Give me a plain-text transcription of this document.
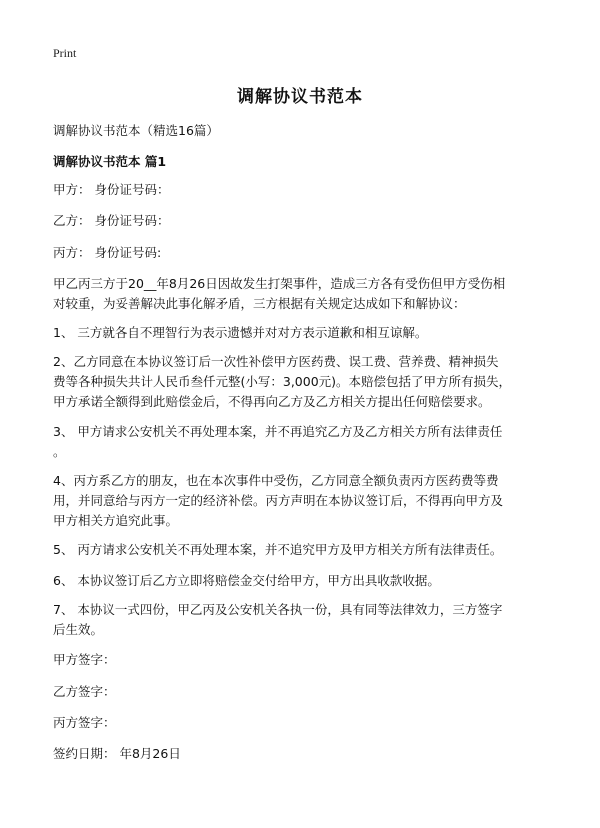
Print
调解协议书范本
调解协议书范本（精选16篇）
调解协议书范本 篇1
甲方： 身份证号码：
乙方： 身份证号码：
丙方： 身份证号码:
甲乙丙三方于20__年8月26日因故发生打架事件，造成三方各有受伤但甲方受伤相
对较重，为妥善解决此事化解矛盾，三方根据有关规定达成如下和解协议：
1、 三方就各自不理智行为表示遗憾并对对方表示道歉和相互谅解。
2、乙方同意在本协议签订后一次性补偿甲方医药费、误工费、营养费、精神损失
费等各种损失共计人民币叁仟元整(小写：3,000元)。本赔偿包括了甲方所有损失，
甲方承诺全额得到此赔偿金后，不得再向乙方及乙方相关方提出任何赔偿要求。
3、 甲方请求公安机关不再处理本案，并不再追究乙方及乙方相关方所有法律责任
。
4、丙方系乙方的朋友，也在本次事件中受伤，乙方同意全额负责丙方医药费等费
用，并同意给与丙方一定的经济补偿。丙方声明在本协议签订后，不得再向甲方及
甲方相关方追究此事。
5、 丙方请求公安机关不再处理本案，并不追究甲方及甲方相关方所有法律责任。
6、 本协议签订后乙方立即将赔偿金交付给甲方，甲方出具收款收据。
7、 本协议一式四份，甲乙丙及公安机关各执一份，具有同等法律效力，三方签字
后生效。
甲方签字：
乙方签字：
丙方签字：
签约日期： 年8月26日
